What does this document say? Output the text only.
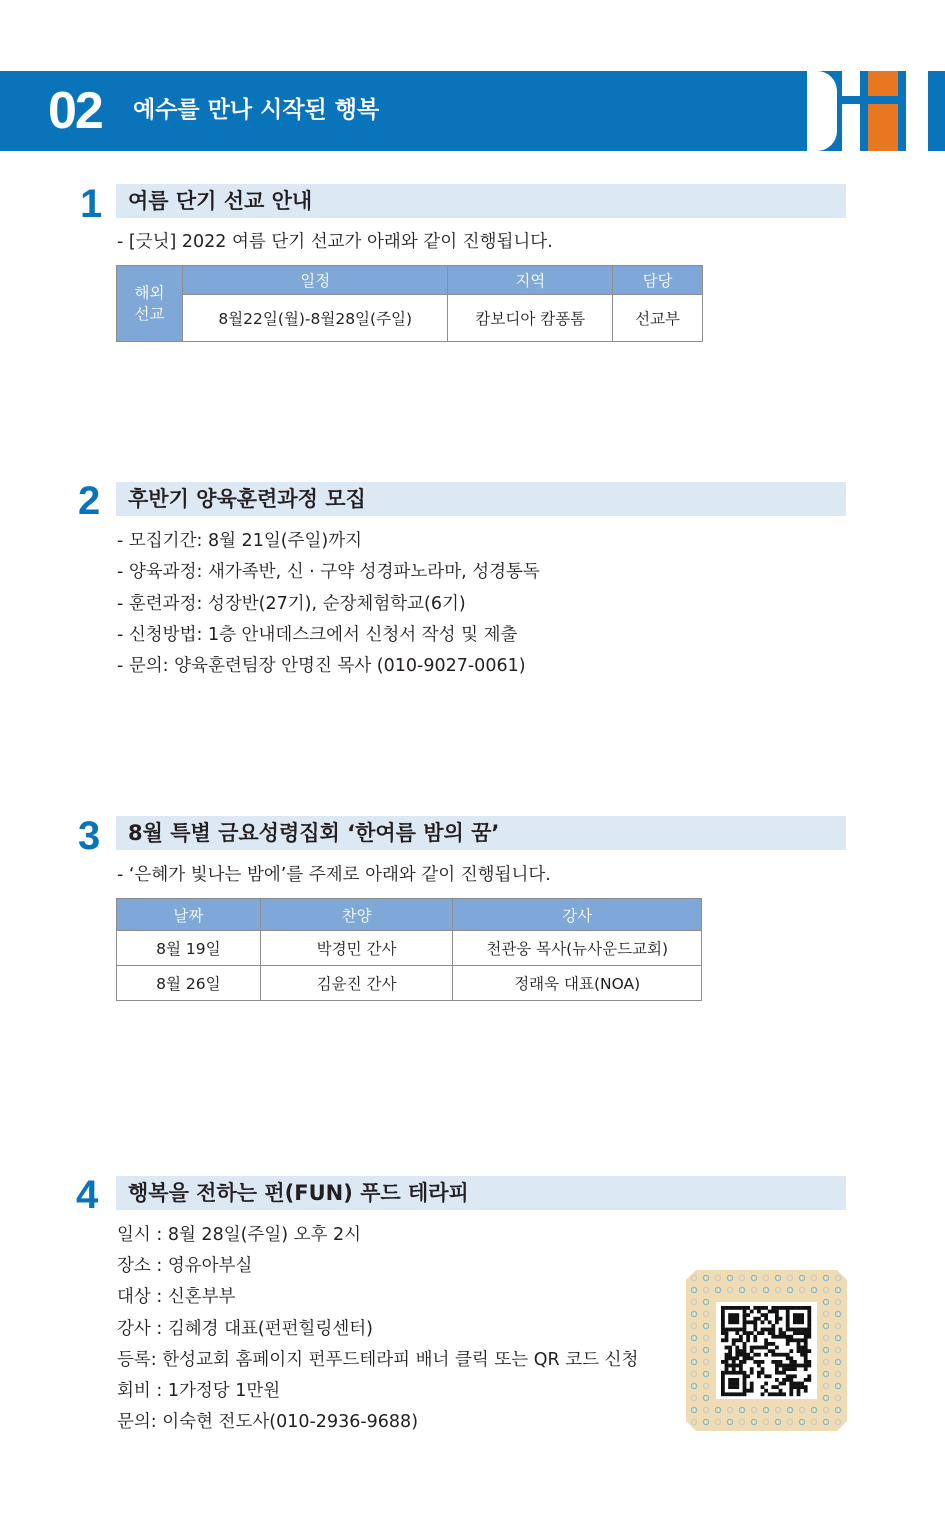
02 예수를 만나 시작된 행복
1 여름 단기 선교 안내
- [긋닛] 2022 여름 단기 선교가 아래와 같이 진행됩니다.
해외 선교	일정	지역	담당
	8월22일(월)-8월28일(주일)	캄보디아 캄퐁톰	선교부
2 후반기 양육훈련과정 모집
- 모집기간: 8월 21일(주일)까지
- 양육과정: 새가족반, 신 · 구약 성경파노라마, 성경통독
- 훈련과정: 성장반(27기), 순장체험학교(6기)
- 신청방법: 1층 안내데스크에서 신청서 작성 및 제출
- 문의: 양육훈련팀장 안명진 목사 (010-9027-0061)
3 8월 특별 금요성령집회 ‘한여름 밤의 꿈’
- ‘은혜가 빛나는 밤에’를 주제로 아래와 같이 진행됩니다.
날짜	찬양	강사
8월 19일	박경민 간사	천관웅 목사(뉴사운드교회)
8월 26일	김윤진 간사	정래욱 대표(NOA)
4 행복을 전하는 펀(FUN) 푸드 테라피
일시 : 8월 28일(주일) 오후 2시
장소 : 영유아부실
대상 : 신혼부부
강사 : 김혜경 대표(펀펀힐링센터)
등록: 한성교회 홈페이지 펀푸드테라피 배너 클릭 또는 QR 코드 신청
회비 : 1가정당 1만원
문의: 이숙현 전도사(010-2936-9688)
